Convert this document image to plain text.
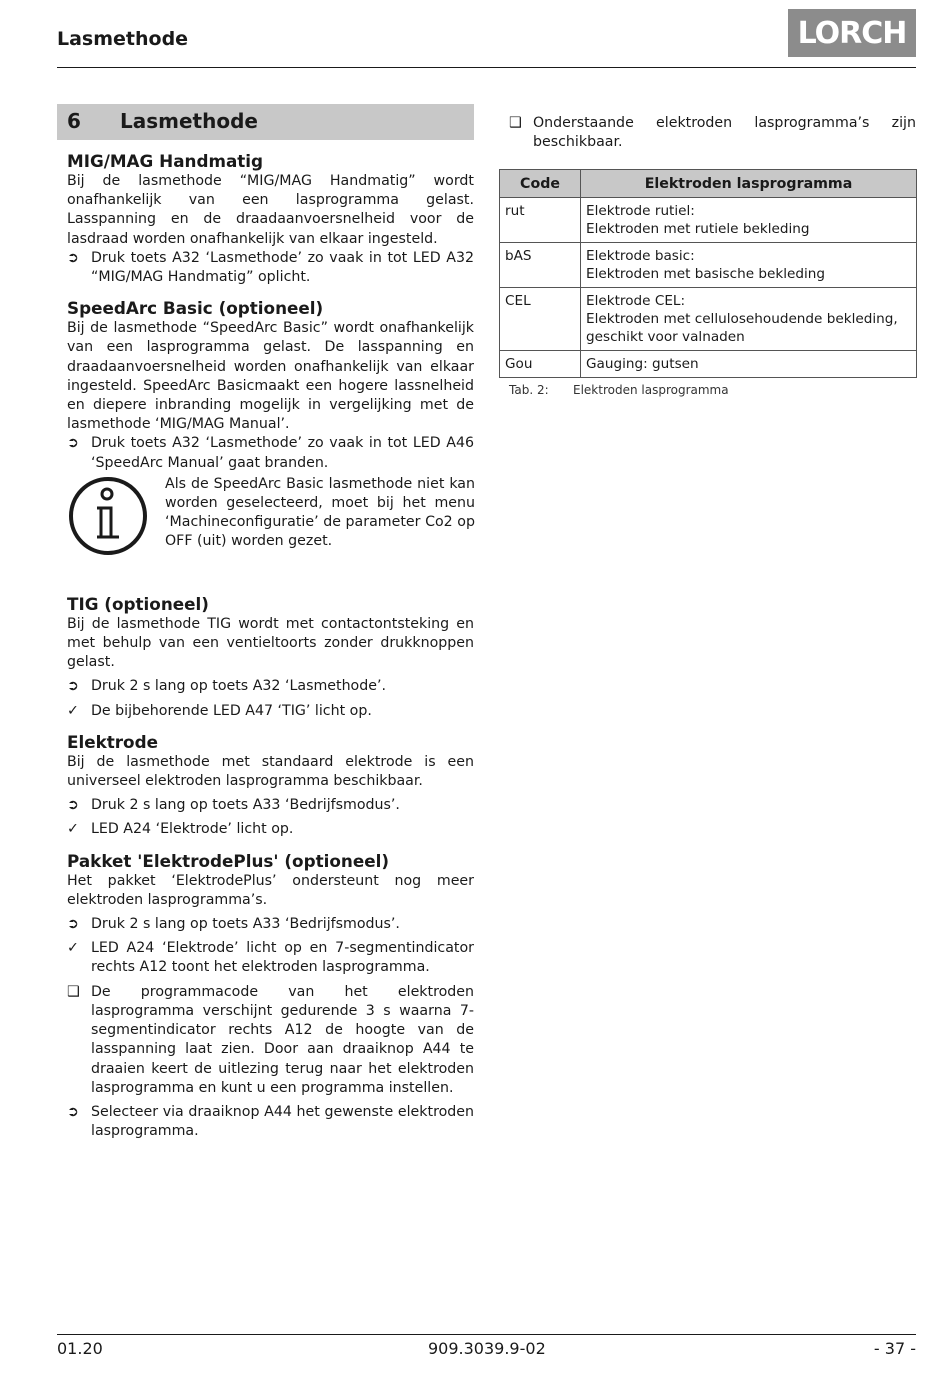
Lasmethode	LORCH
6	Lasmethode
MIG/MAG Handmatig

Bij de lasmethode “MIG/MAG Handmatig” wordt onafhankelijk van een lasprogramma gelast. Lasspanning en de draadaanvoersnelheid voor de lasdraad worden onafhankelijk van elkaar ingesteld.

➲ Druk toets A32 ‘Lasmethode’ zo vaak in tot LED A32 “MIG/MAG Handmatig” oplicht.
SpeedArc Basic (optioneel)

Bij de lasmethode “SpeedArc Basic” wordt onafhankelijk van een lasprogramma gelast. De lasspanning en draadaanvoersnelheid worden onafhankelijk van elkaar ingesteld. SpeedArc Basicmaakt een hogere lassnelheid en diepere inbranding mogelijk in vergelijking met de lasmethode ‘MIG/MAG Manual’.

➲ Druk toets A32 ‘Lasmethode’ zo vaak in tot LED A46 ‘SpeedArc Manual’ gaat branden.
Als de SpeedArc Basic lasmethode niet kan worden geselecteerd, moet bij het menu ‘Machineconfiguratie’ de parameter Co2 op OFF (uit) worden gezet.
TIG (optioneel)

Bij de lasmethode TIG wordt met contactontsteking en met behulp van een ventieltoorts zonder drukknoppen gelast.

➲ Druk 2 s lang op toets A32 ‘Lasmethode’.
✓ De bijbehorende LED A47 ‘TIG’ licht op.
Elektrode

Bij de lasmethode met standaard elektrode is een universeel elektroden lasprogramma beschikbaar.

➲ Druk 2 s lang op toets A33 ‘Bedrijfsmodus’.
✓ LED A24 ‘Elektrode’ licht op.
Pakket 'ElektrodePlus' (optioneel)

Het pakket ‘ElektrodePlus’ ondersteunt nog meer elektroden lasprogramma’s.

➲ Druk 2 s lang op toets A33 ‘Bedrijfsmodus’.
✓ LED A24 ‘Elektrode’ licht op en 7-segmentindicator rechts A12 toont het elektroden lasprogramma.
❑ De programmacode van het elektroden lasprogramma verschijnt gedurende 3 s waarna 7-segmentindicator rechts A12 de hoogte van de lasspanning laat zien. Door aan draaiknop A44 te draaien keert de uitlezing terug naar het elektroden lasprogramma en kunt u een programma instellen.
➲ Selecteer via draaiknop A44 het gewenste elektroden lasprogramma.
❑ Onderstaande elektroden lasprogramma’s zijn beschikbaar.
Code	Elektroden lasprogramma
rut	Elektrode rutiel:
Elektroden met rutiele bekleding

bAS	Elektrode basic:
Elektroden met basische bekleding

CEL	Elektrode CEL:
Elektroden met cellulosehoudende bekleding, geschikt voor valnaden

Gou	Gauging: gutsen
Tab. 2: Elektroden lasprogramma
01.20	909.3039.9-02	- 37 -
